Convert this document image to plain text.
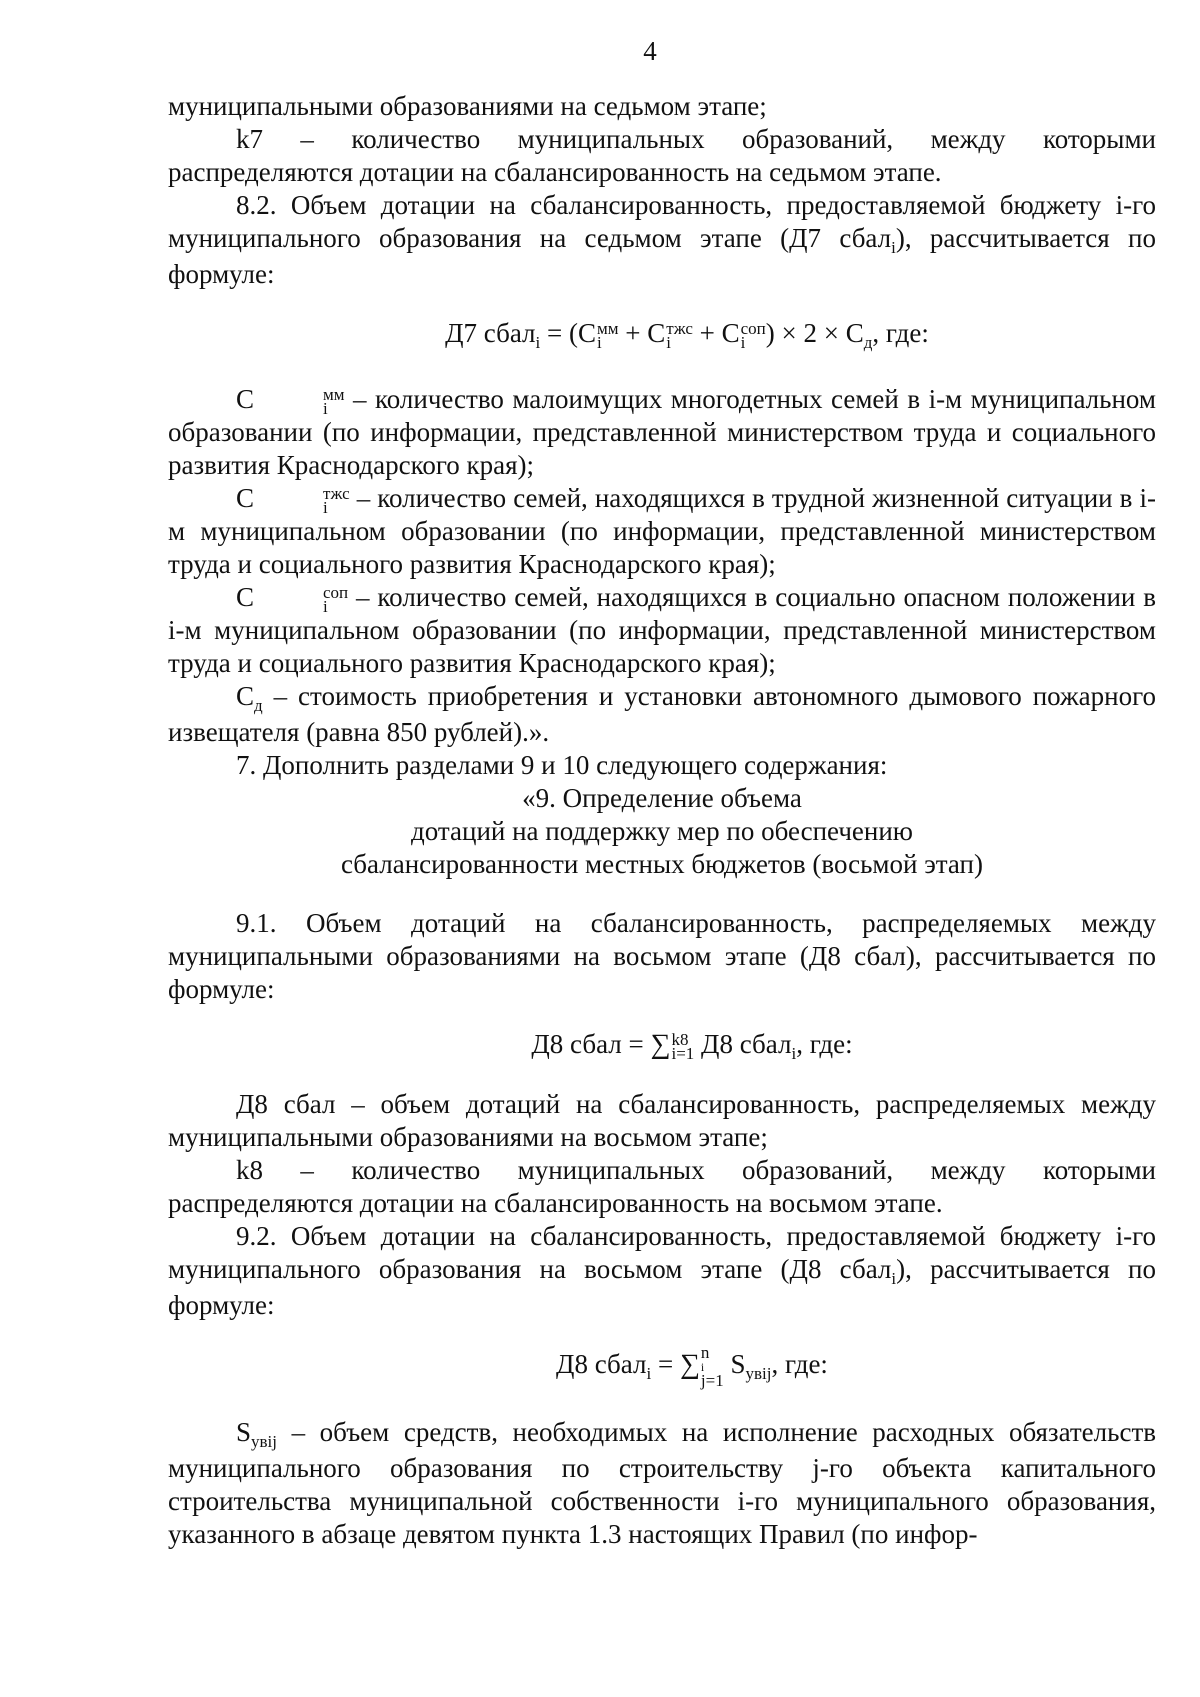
4

муниципальными образованиями на седьмом этапе;

k7 – количество муниципальных образований, между которыми распределяются дотации на сбалансированность на седьмом этапе.

8.2. Объем дотации на сбалансированность, предоставляемой бюджету i-го муниципального образования на седьмом этапе (Д7 сбал$_i$), рассчитывается по формуле:

Д7 сбал$_i$ = (С мм
i + С тжс
i + С соп
i ) × $2 \times С_д$, где:

С	мм
i – количество малоимущих многодетных семей в i-м муниципальном образовании (по информации, представленной министерством труда и социального развития Краснодарского края);

С	тжс
i – количество семей, находящихся в трудной жизненной ситуации в i-м муниципальном образовании (по информации, представленной министерством труда и социального развития Краснодарского края);

С	соп
i – количество семей, находящихся в социально опасном положении в i-м муниципальном образовании (по информации, представленной министерством труда и социального развития Краснодарского края);

$С_д$ – стоимость приобретения и установки автономного дымового пожарного извещателя (равна 850 рублей).».

7. Дополнить разделами 9 и 10 следующего содержания:

«9. Определение объема
дотаций на поддержку мер по обеспечению
сбалансированности местных бюджетов (восьмой этап)

9.1. Объем дотаций на сбалансированность, распределяемых между муниципальными образованиями на восьмом этапе (Д8 сбал), рассчитывается по формуле:

Д8 сбал = ∑ k8
i=1 Д8 сбал$_i$, где:

Д8 сбал – объем дотаций на сбалансированность, распределяемых между муниципальными образованиями на восьмом этапе;

k8 – количество муниципальных образований, между которыми распределяются дотации на сбалансированность на восьмом этапе.

9.2. Объем дотации на сбалансированность, предоставляемой бюджету i-го муниципального образования на восьмом этапе (Д8 сбал$_i$), рассчитывается по формуле:

Д8 сбал$_i$ = ∑ n
i
j=1
$S_{увij}$, где:

$S_{увij}$ – объем средств, необходимых на исполнение расходных обязательств муниципального образования по строительству j-го объекта капитального строительства муниципальной собственности i-го муниципального образования, указанного в абзаце девятом пункта 1.3 настоящих Правил (по инфор-
